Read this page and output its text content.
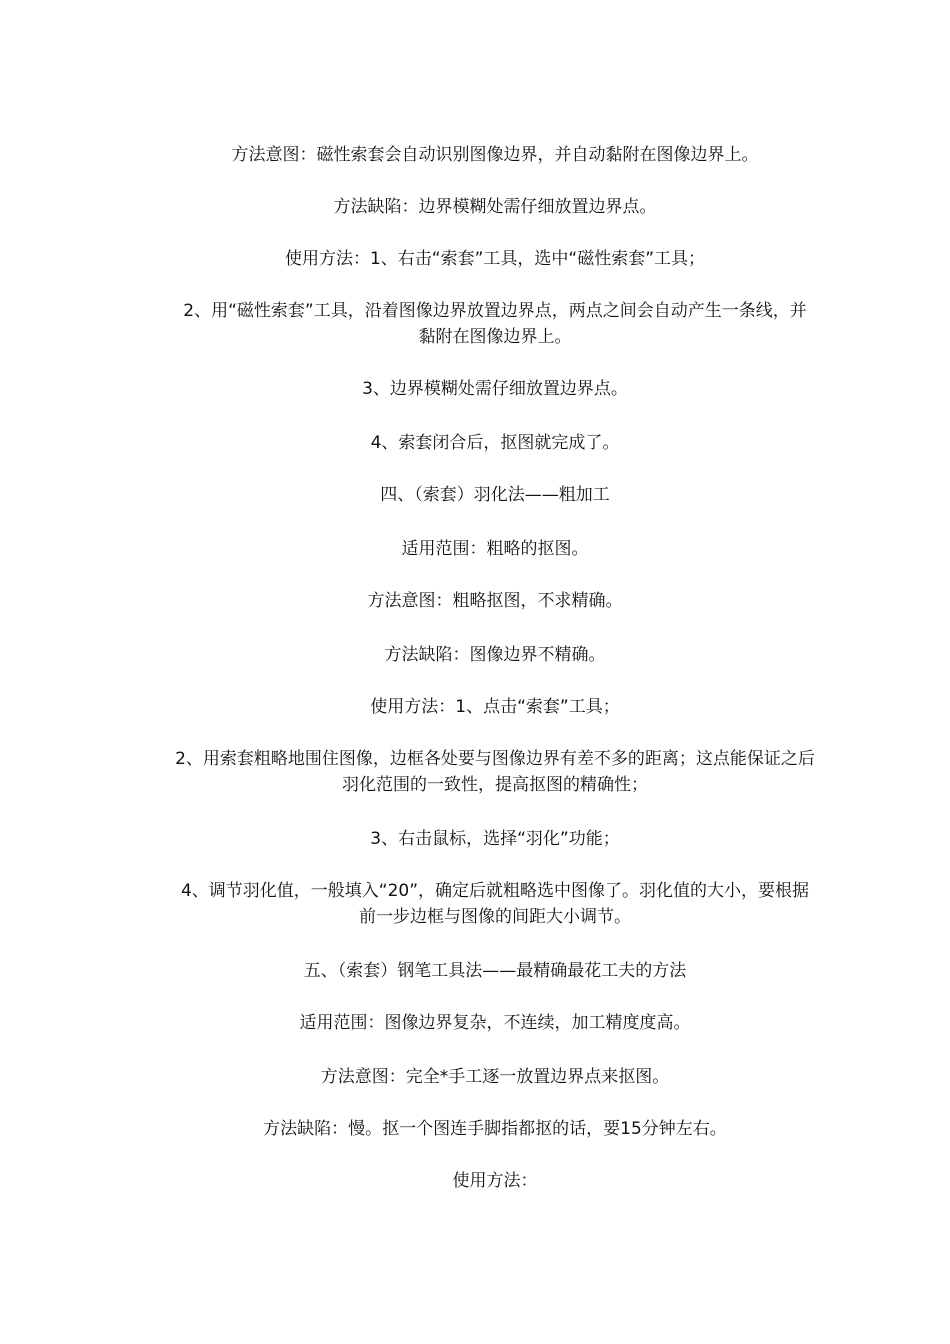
方法意图：磁性索套会自动识别图像边界，并自动黏附在图像边界上。
方法缺陷：边界模糊处需仔细放置边界点。
使用方法：1、右击“索套”工具，选中“磁性索套”工具；
2、用“磁性索套”工具，沿着图像边界放置边界点，两点之间会自动产生一条线，并黏附在图像边界上。
3、边界模糊处需仔细放置边界点。
4、索套闭合后，抠图就完成了。
四、（索套）羽化法——粗加工
适用范围：粗略的抠图。
方法意图：粗略抠图，不求精确。
方法缺陷：图像边界不精确。
使用方法：1、点击“索套”工具；
2、用索套粗略地围住图像，边框各处要与图像边界有差不多的距离；这点能保证之后羽化范围的一致性，提高抠图的精确性；
3、右击鼠标，选择“羽化”功能；
4、调节羽化值，一般填入“20”，确定后就粗略选中图像了。羽化值的大小，要根据前一步边框与图像的间距大小调节。
五、（索套）钢笔工具法——最精确最花工夫的方法
适用范围：图像边界复杂，不连续，加工精度度高。
方法意图：完全*手工逐一放置边界点来抠图。
方法缺陷：慢。抠一个图连手脚指都抠的话，要15分钟左右。
使用方法：
